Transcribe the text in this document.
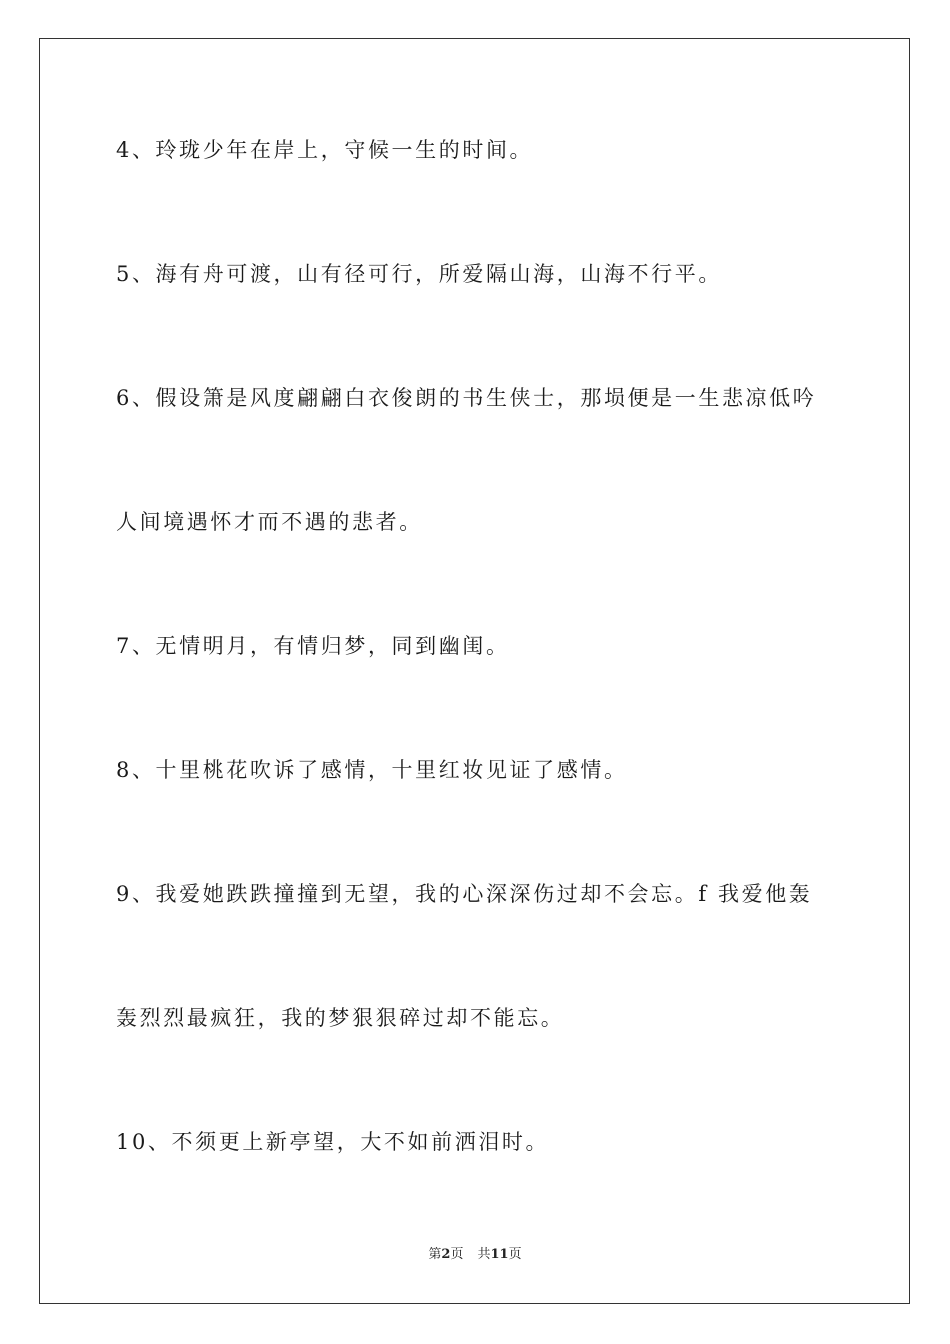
4、玲珑少年在岸上，守候一生的时间。
5、海有舟可渡，山有径可行，所爱隔山海，山海不行平。
6、假设箫是风度翩翩白衣俊朗的书生侠士，那埙便是一生悲凉低吟
人间境遇怀才而不遇的悲者。
7、无情明月，有情归梦，同到幽闺。
8、十里桃花吹诉了感情，十里红妆见证了感情。
9、我爱她跌跌撞撞到无望，我的心深深伤过却不会忘。f 我爱他轰
轰烈烈最疯狂，我的梦狠狠碎过却不能忘。
10、不须更上新亭望，大不如前洒泪时。
第2页 共11页
